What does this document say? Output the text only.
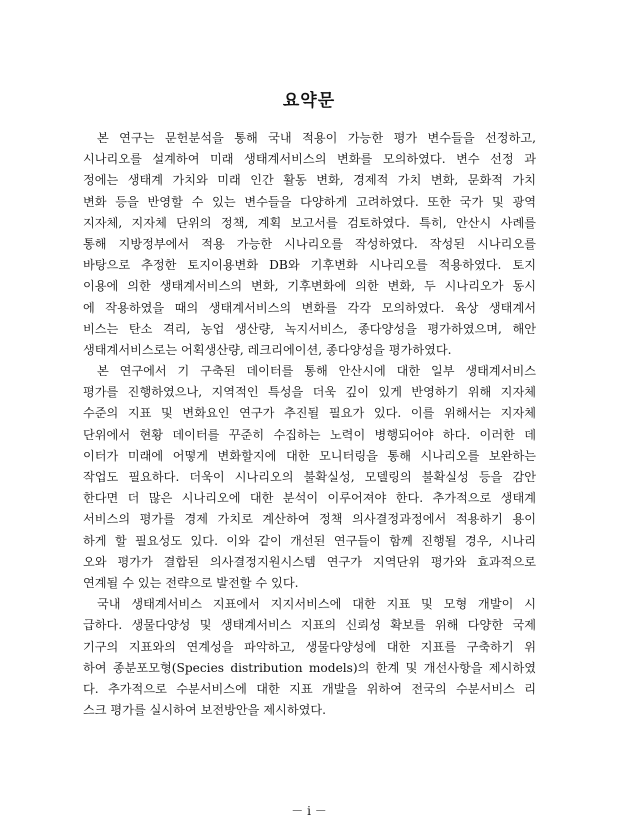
요약문
본 연구는 문헌분석을 통해 국내 적용이 가능한 평가 변수들을 선정하고,
시나리오를 설계하여 미래 생태계서비스의 변화를 모의하였다. 변수 선정 과
정에는 생태계 가치와 미래 인간 활동 변화, 경제적 가치 변화, 문화적 가치
변화 등을 반영할 수 있는 변수들을 다양하게 고려하였다. 또한 국가 및 광역
지자체, 지자체 단위의 정책, 계획 보고서를 검토하였다. 특히, 안산시 사례를
통해 지방정부에서 적용 가능한 시나리오를 작성하였다. 작성된 시나리오를
바탕으로 추정한 토지이용변화 DB와 기후변화 시나리오를 적용하였다. 토지
이용에 의한 생태계서비스의 변화, 기후변화에 의한 변화, 두 시나리오가 동시
에 작용하였을 때의 생태계서비스의 변화를 각각 모의하였다. 육상 생태계서
비스는 탄소 격리, 농업 생산량, 녹지서비스, 종다양성을 평가하였으며, 해안
생태계서비스로는 어획생산량, 레크리에이션, 종다양성을 평가하였다.
본 연구에서 기 구축된 데이터를 통해 안산시에 대한 일부 생태계서비스
평가를 진행하였으나, 지역적인 특성을 더욱 깊이 있게 반영하기 위해 지자체
수준의 지표 및 변화요인 연구가 추진될 필요가 있다. 이를 위해서는 지자체
단위에서 현황 데이터를 꾸준히 수집하는 노력이 병행되어야 하다. 이러한 데
이터가 미래에 어떻게 변화할지에 대한 모니터링을 통해 시나리오를 보완하는
작업도 필요하다. 더욱이 시나리오의 불확실성, 모델링의 불확실성 등을 감안
한다면 더 많은 시나리오에 대한 분석이 이루어져야 한다. 추가적으로 생태계
서비스의 평가를 경제 가치로 계산하여 정책 의사결정과정에서 적용하기 용이
하게 할 필요성도 있다. 이와 같이 개선된 연구들이 함께 진행될 경우, 시나리
오와 평가가 결합된 의사결정지원시스템 연구가 지역단위 평가와 효과적으로
연계될 수 있는 전략으로 발전할 수 있다.
국내 생태계서비스 지표에서 지지서비스에 대한 지표 및 모형 개발이 시
급하다. 생물다양성 및 생태계서비스 지표의 신뢰성 확보를 위해 다양한 국제
기구의 지표와의 연계성을 파악하고, 생물다양성에 대한 지표를 구축하기 위
하여 종분포모형(Species distribution models)의 한계 및 개선사항을 제시하였
다. 추가적으로 수분서비스에 대한 지표 개발을 위하여 전국의 수분서비스 리
스크 평가를 실시하여 보전방안을 제시하였다.
－ i －
